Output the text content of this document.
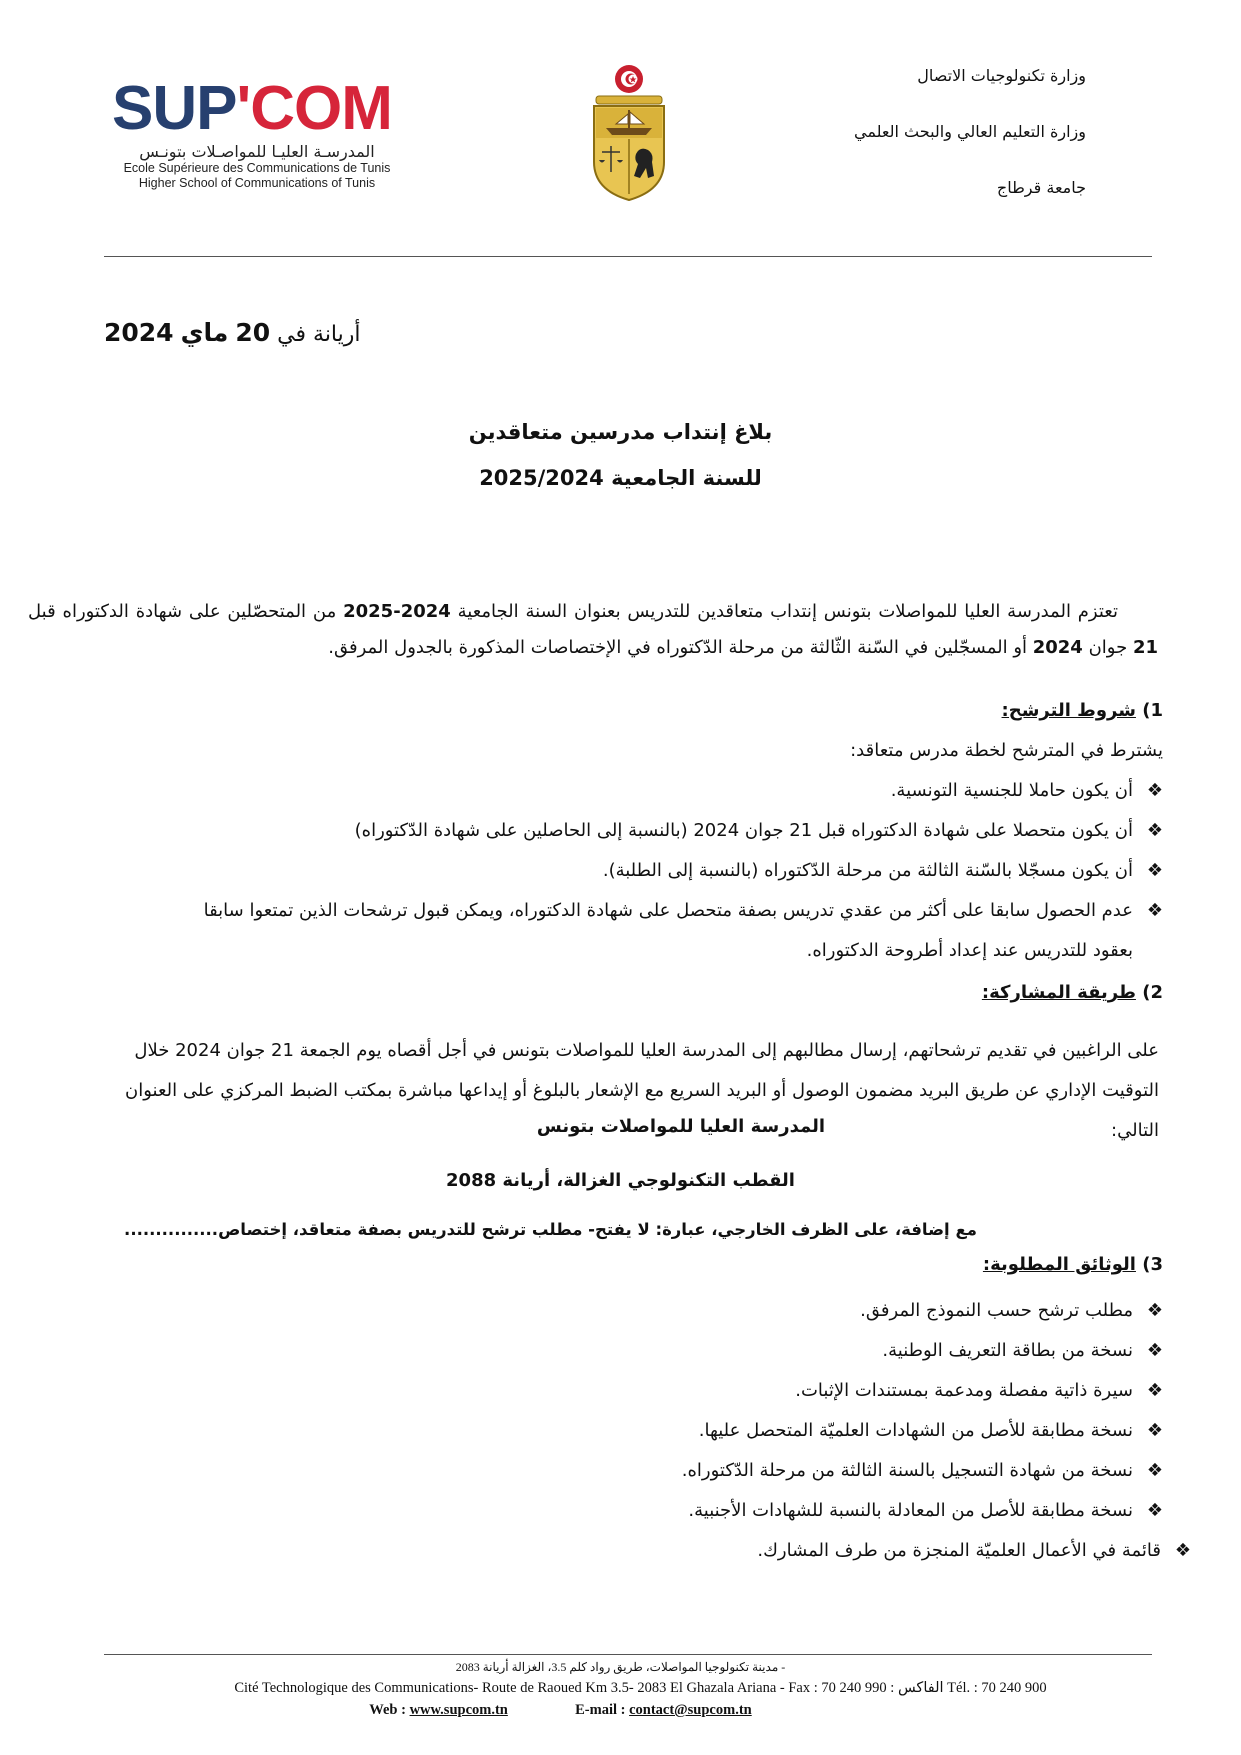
SUP'COM
المدرسـة العليـا للمواصـلات بتونـس
Ecole Supérieure des Communications de Tunis
Higher School of Communications of Tunis
وزارة تكنولوجيات الاتصال
وزارة التعليم العالي والبحث العلمي
جامعة قرطاج
أريانة في 20 ماي 2024
بلاغ إنتداب مدرسين متعاقدين
للسنة الجامعية 2025/2024
تعتزم المدرسة العليا للمواصلات بتونس إنتداب متعاقدين للتدريس بعنوان السنة الجامعية 2024-2025 من المتحصّلين على شهادة الدكتوراه قبل 21 جوان 2024 أو المسجّلين في السّنة الثّالثة من مرحلة الدّكتوراه في الإختصاصات المذكورة بالجدول المرفق.
1) شروط الترشح:
يشترط في المترشح لخطة مدرس متعاقد:
❖أن يكون حاملا للجنسية التونسية.
❖أن يكون متحصلا على شهادة الدكتوراه قبل 21 جوان 2024 (بالنسبة إلى الحاصلين على شهادة الدّكتوراه)
❖أن يكون مسجّلا بالسّنة الثالثة من مرحلة الدّكتوراه (بالنسبة إلى الطلبة).
❖عدم الحصول سابقا على أكثر من عقدي تدريس بصفة متحصل على شهادة الدكتوراه، ويمكن قبول ترشحات الذين تمتعوا سابقا
بعقود للتدريس عند إعداد أطروحة الدكتوراه.
2) طريقة المشاركة:
على الراغبين في تقديم ترشحاتهم، إرسال مطالبهم إلى المدرسة العليا للمواصلات بتونس في أجل أقصاه يوم الجمعة 21 جوان 2024 خلال
التوقيت الإداري عن طريق البريد مضمون الوصول أو البريد السريع مع الإشعار بالبلوغ أو إيداعها مباشرة بمكتب الضبط المركزي على العنوان
التالي:
المدرسة العليا للمواصلات بتونس
القطب التكنولوجي الغزالة، أريانة 2088
مع إضافة، على الظرف الخارجي، عبارة: لا يفتح- مطلب ترشح للتدريس بصفة متعاقد، إختصاص...............
3) الوثائق المطلوبة:
❖مطلب ترشح حسب النموذج المرفق.
❖نسخة من بطاقة التعريف الوطنية.
❖سيرة ذاتية مفصلة ومدعمة بمستندات الإثبات.
❖نسخة مطابقة للأصل من الشهادات العلميّة المتحصل عليها.
❖نسخة من شهادة التسجيل بالسنة الثالثة من مرحلة الدّكتوراه.
❖نسخة مطابقة للأصل من المعادلة بالنسبة للشهادات الأجنبية.
❖قائمة في الأعمال العلميّة المنجزة من طرف المشارك.
- مدينة تكنولوجيا المواصلات، طريق رواد كلم 3.5، الغزالة أريانة 2083
Cité Technologique des Communications- Route de Raoued Km 3.5- 2083 El Ghazala Ariana - Fax : 70 240 990 : الفاكس Tél. : 70 240 900
Web : www.supcom.tn	E-mail : contact@supcom.tn
